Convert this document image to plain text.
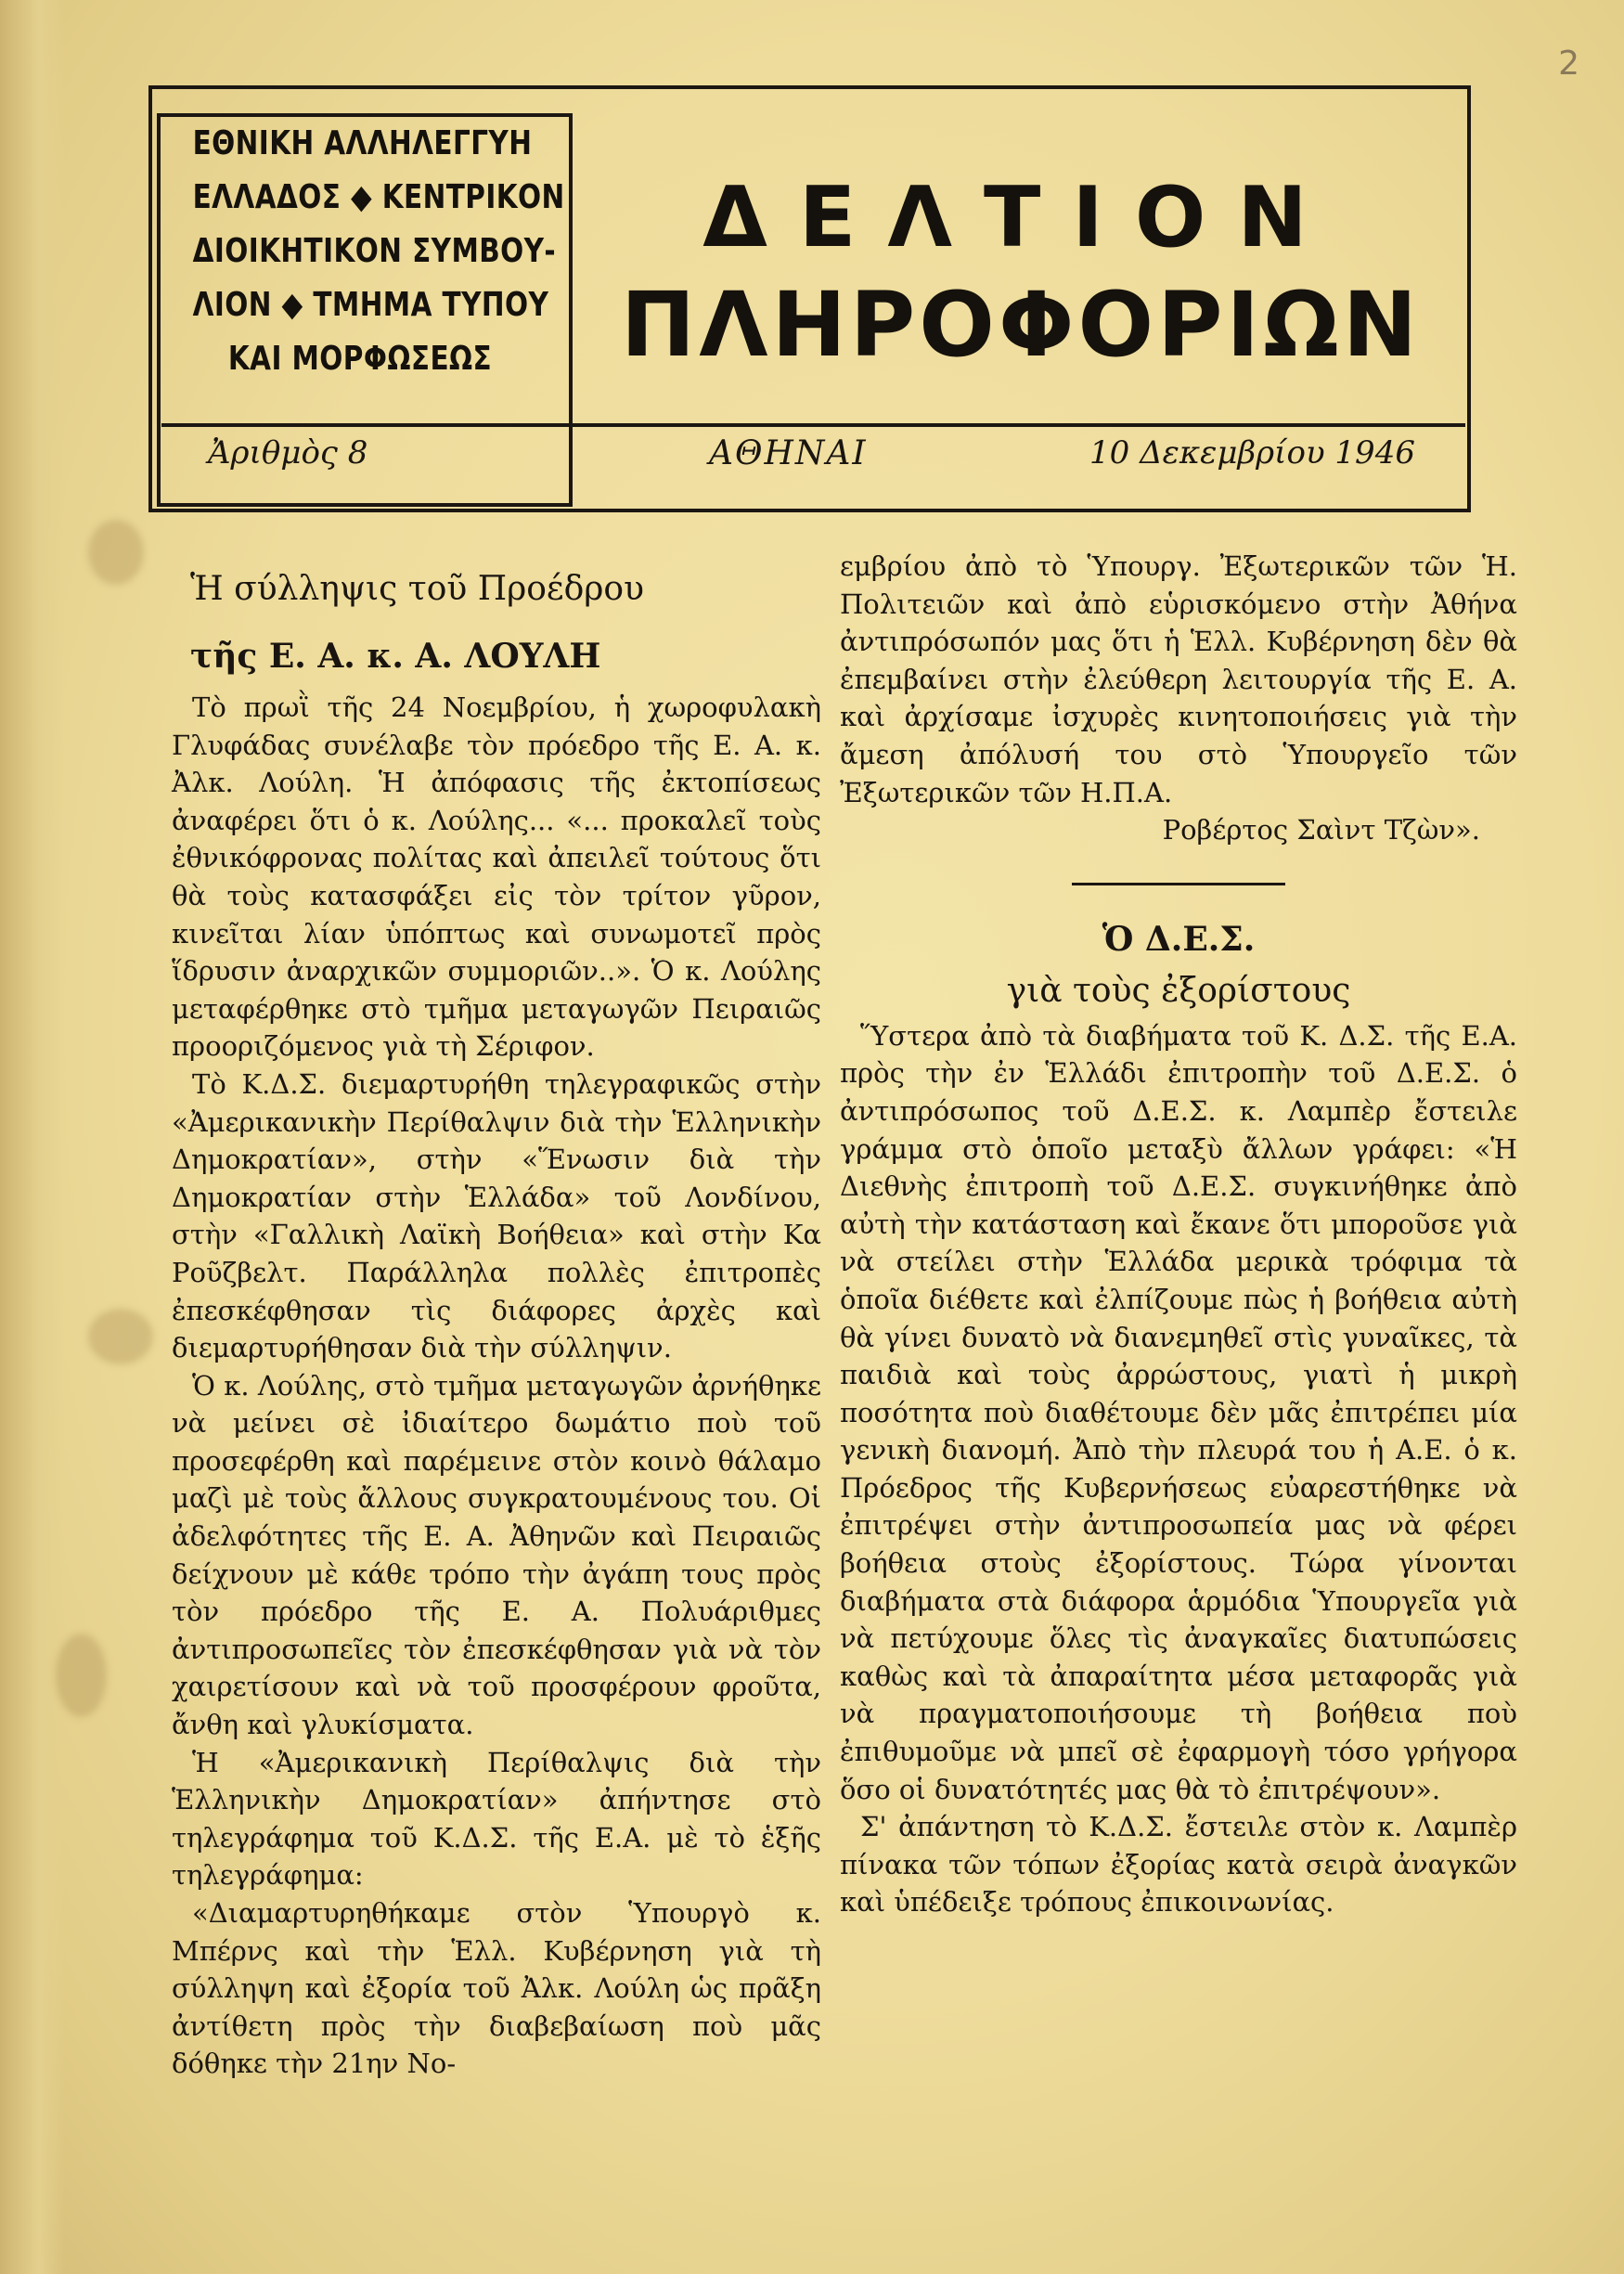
2
ΕΘΝΙΚΗ ΑΛΛΗΛΕΓΓΥΗ
ΕΛΛΑΔΟΣ ◆ ΚΕΝΤΡΙΚΟΝ
ΔΙΟΙΚΗΤΙΚΟΝ ΣΥΜΒΟΥ-
ΛΙΟΝ ◆ ΤΜΗΜΑ ΤΥΠΟΥ
ΚΑΙ ΜΟΡΦΩΣΕΩΣ
ΔΕΛΤΙΟΝ
ΠΛΗΡΟΦΟΡΙΩΝ
Ἀριθμὸς 8	ΑΘΗΝΑΙ	10 Δεκεμβρίου 1946
Ἡ σύλληψις τοῦ Προέδρου
τῆς Ε. Α. κ. Α. ΛΟΥΛΗ

Τὸ πρωῒ τῆς 24 Νοεμβρίου, ἡ χωροφυλακὴ Γλυφάδας συνέλαβε τὸν πρόεδρο τῆς Ε. Α. κ. Ἀλκ. Λούλη. Ἡ ἀπόφασις τῆς ἐκτοπίσεως ἀναφέρει ὅτι ὁ κ. Λούλης... «... προκαλεῖ τοὺς ἐθνικόφρονας πολίτας καὶ ἀπειλεῖ τούτους ὅτι θὰ τοὺς κατασφάξει εἰς τὸν τρίτον γῦρον, κινεῖται λίαν ὑπόπτως καὶ συνωμοτεῖ πρὸς ἵδρυσιν ἀναρχικῶν συμμοριῶν..». Ὁ κ. Λούλης μεταφέρθηκε στὸ τμῆμα μεταγωγῶν Πειραιῶς προοριζόμενος γιὰ τὴ Σέριφον.

Τὸ Κ.Δ.Σ. διεμαρτυρήθη τηλεγραφικῶς στὴν «Ἀμερικανικὴν Περίθαλψιν διὰ τὴν Ἑλληνικὴν Δημοκρατίαν», στὴν «Ἕνωσιν διὰ τὴν Δημοκρατίαν στὴν Ἑλλάδα» τοῦ Λονδίνου, στὴν «Γαλλικὴ Λαϊκὴ Βοήθεια» καὶ στὴν Κα Ροῦζβελτ. Παράλληλα πολλὲς ἐπιτροπὲς ἐπεσκέφθησαν τὶς διάφορες ἀρχὲς καὶ διεμαρτυρήθησαν διὰ τὴν σύλληψιν.

Ὁ κ. Λούλης, στὸ τμῆμα μεταγωγῶν ἀρνήθηκε νὰ μείνει σὲ ἰδιαίτερο δωμάτιο ποὺ τοῦ προσεφέρθη καὶ παρέμεινε στὸν κοινὸ θάλαμο μαζὶ μὲ τοὺς ἄλλους συγκρατουμένους του. Οἱ ἀδελφότητες τῆς Ε. Α. Ἀθηνῶν καὶ Πειραιῶς δείχνουν μὲ κάθε τρόπο τὴν ἀγάπη τους πρὸς τὸν πρόεδρο τῆς Ε. Α. Πολυάριθμες ἀντιπροσωπεῖες τὸν ἐπεσκέφθησαν γιὰ νὰ τὸν χαιρετίσουν καὶ νὰ τοῦ προσφέρουν φροῦτα, ἄνθη καὶ γλυκίσματα.

Ἡ «Ἀμερικανικὴ Περίθαλψις διὰ τὴν Ἑλληνικὴν Δημοκρατίαν» ἀπήντησε στὸ τηλεγράφημα τοῦ Κ.Δ.Σ. τῆς Ε.Α. μὲ τὸ ἑξῆς τηλεγράφημα:

«Διαμαρτυρηθήκαμε στὸν Ὑπουργὸ κ. Μπέρνς καὶ τὴν Ἑλλ. Κυβέρνηση γιὰ τὴ σύλληψη καὶ ἐξορία τοῦ Ἀλκ. Λούλη ὡς πρᾶξη ἀντίθετη πρὸς τὴν διαβεβαίωση ποὺ μᾶς δόθηκε τὴν 21ην Νο-

εμβρίου ἀπὸ τὸ Ὑπουργ. Ἐξωτερικῶν τῶν Ἡ. Πολιτειῶν καὶ ἀπὸ εὑρισκόμενο στὴν Ἀθήνα ἀντιπρόσωπόν μας ὅτι ἡ Ἑλλ. Κυβέρνηση δὲν θὰ ἐπεμβαίνει στὴν ἐλεύθερη λειτουργία τῆς Ε. Α. καὶ ἀρχίσαμε ἰσχυρὲς κινητοποιήσεις γιὰ τὴν ἄμεση ἀπόλυσή του στὸ Ὑπουργεῖο τῶν Ἐξωτερικῶν τῶν Η.Π.Α.

Ροβέρτος Σαὶντ Τζὼν».

Ὁ Δ.Ε.Σ.

γιὰ τοὺς ἐξορίστους

Ὕστερα ἀπὸ τὰ διαβήματα τοῦ Κ. Δ.Σ. τῆς Ε.Α. πρὸς τὴν ἐν Ἑλλάδι ἐπιτροπὴν τοῦ Δ.Ε.Σ. ὁ ἀντιπρόσωπος τοῦ Δ.Ε.Σ. κ. Λαμπὲρ ἔστειλε γράμμα στὸ ὁποῖο μεταξὺ ἄλλων γράφει: «Ἡ Διεθνὴς ἐπιτροπὴ τοῦ Δ.Ε.Σ. συγκινήθηκε ἀπὸ αὐτὴ τὴν κατάσταση καὶ ἔκανε ὅτι μποροῦσε γιὰ νὰ στείλει στὴν Ἑλλάδα μερικὰ τρόφιμα τὰ ὁποῖα διέθετε καὶ ἐλπίζουμε πὼς ἡ βοήθεια αὐτὴ θὰ γίνει δυνατὸ νὰ διανεμηθεῖ στὶς γυναῖκες, τὰ παιδιὰ καὶ τοὺς ἀρρώστους, γιατὶ ἡ μικρὴ ποσότητα ποὺ διαθέτουμε δὲν μᾶς ἐπιτρέπει μία γενικὴ διανομή. Ἀπὸ τὴν πλευρά του ἡ Α.Ε. ὁ κ. Πρόεδρος τῆς Κυβερνήσεως εὐαρεστήθηκε νὰ ἐπιτρέψει στὴν ἀντιπροσωπεία μας νὰ φέρει βοήθεια στοὺς ἐξορίστους. Τώρα γίνονται διαβήματα στὰ διάφορα ἁρμόδια Ὑπουργεῖα γιὰ νὰ πετύχουμε ὅλες τὶς ἀναγκαῖες διατυπώσεις καθὼς καὶ τὰ ἀπαραίτητα μέσα μεταφορᾶς γιὰ νὰ πραγματοποιήσουμε τὴ βοήθεια ποὺ ἐπιθυμοῦμε νὰ μπεῖ σὲ ἐφαρμογὴ τόσο γρήγορα ὅσο οἱ δυνατότητές μας θὰ τὸ ἐπιτρέψουν».

Σ' ἀπάντηση τὸ Κ.Δ.Σ. ἔστειλε στὸν κ. Λαμπὲρ πίνακα τῶν τόπων ἐξορίας κατὰ σειρὰ ἀναγκῶν καὶ ὑπέδειξε τρόπους ἐπικοινωνίας.
